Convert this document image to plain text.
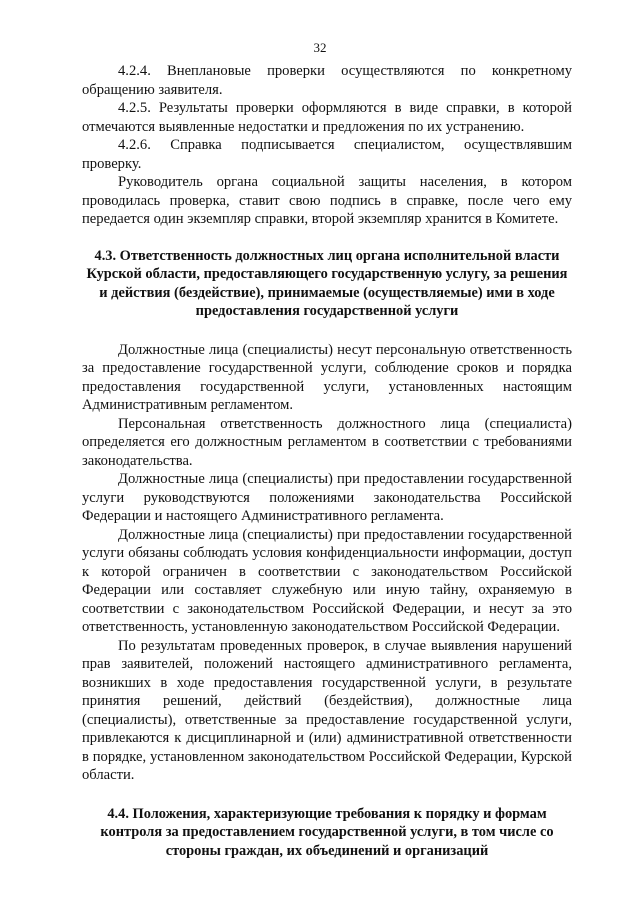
32

4.2.4. Внеплановые проверки осуществляются по конкретному обращению заявителя.

4.2.5. Результаты проверки оформляются в виде справки, в которой отмечаются выявленные недостатки и предложения по их устранению.

4.2.6. Справка подписывается специалистом, осуществлявшим проверку.

Руководитель органа социальной защиты населения, в котором проводилась проверка, ставит свою подпись в справке, после чего ему передается один экземпляр справки, второй экземпляр хранится в Комитете.

4.3. Ответственность должностных лиц органа исполнительной власти Курской области, предоставляющего государственную услугу, за решения и действия (бездействие), принимаемые (осуществляемые) ими в ходе предоставления государственной услуги

Должностные лица (специалисты) несут персональную ответственность за предоставление государственной услуги, соблюдение сроков и порядка предоставления государственной услуги, установленных настоящим Административным регламентом.

Персональная ответственность должностного лица (специалиста) определяется его должностным регламентом в соответствии с требованиями законодательства.

Должностные лица (специалисты) при предоставлении государственной услуги руководствуются положениями законодательства Российской Федерации и настоящего Административного регламента.

Должностные лица (специалисты) при предоставлении государственной услуги обязаны соблюдать условия конфиденциальности информации, доступ к которой ограничен в соответствии с законодательством Российской Федерации или составляет служебную или иную тайну, охраняемую в соответствии с законодательством Российской Федерации, и несут за это ответственность, установленную законодательством Российской Федерации.

По результатам проведенных проверок, в случае выявления нарушений прав заявителей, положений настоящего административного регламента, возникших в ходе предоставления государственной услуги, в результате принятия решений, действий (бездействия), должностные лица (специалисты), ответственные за предоставление государственной услуги, привлекаются к дисциплинарной и (или) административной ответственности в порядке, установленном законодательством Российской Федерации, Курской области.

4.4. Положения, характеризующие требования к порядку и формам контроля за предоставлением государственной услуги, в том числе со стороны граждан, их объединений и организаций
